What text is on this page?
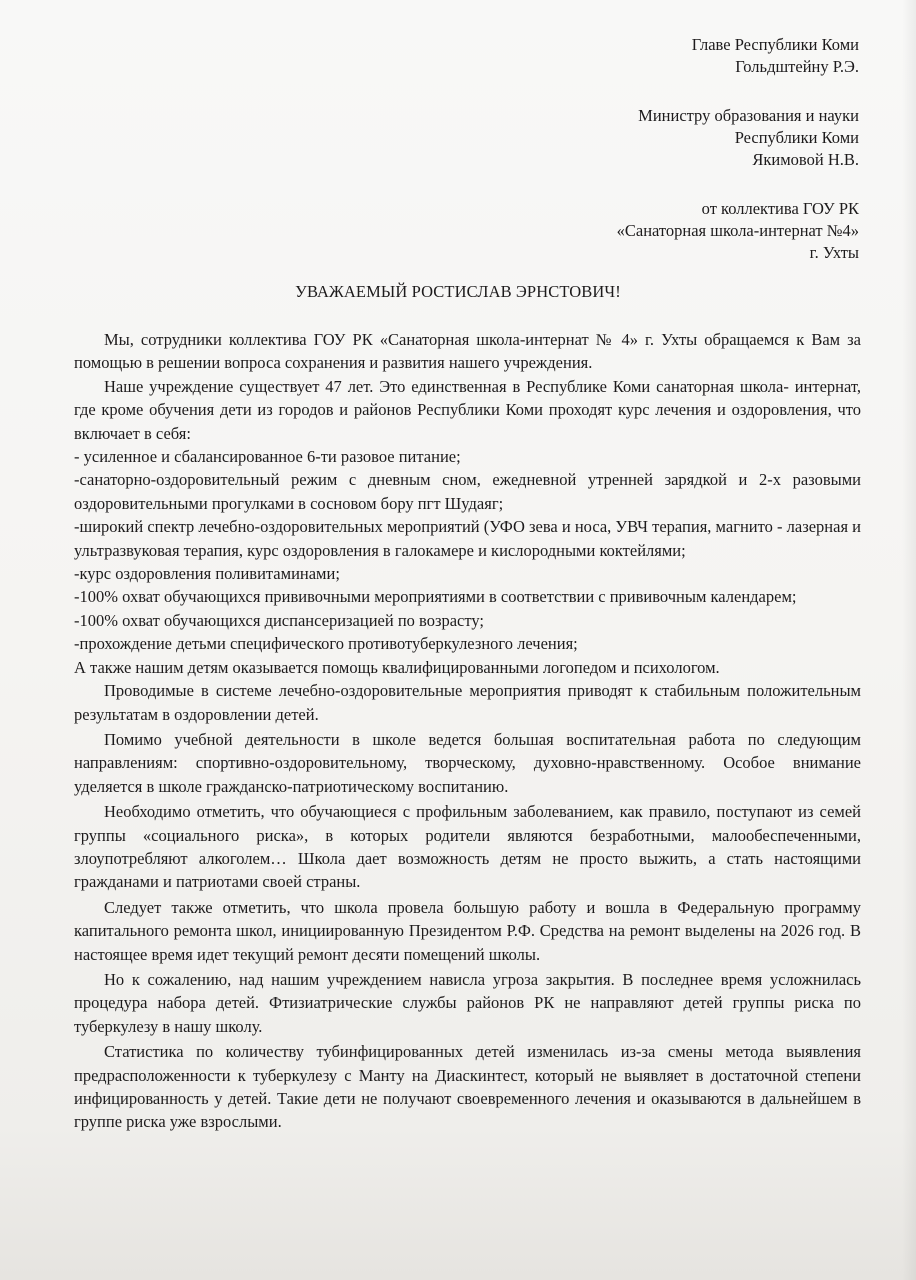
Главе Республики Коми
Гольдштейну Р.Э.
Министру образования и науки
Республики Коми
Якимовой Н.В.
от коллектива ГОУ РК
«Санаторная школа-интернат №4»
г. Ухты
УВАЖАЕМЫЙ РОСТИСЛАВ ЭРНСТОВИЧ!

Мы, сотрудники коллектива ГОУ РК «Санаторная школа-интернат № 4» г. Ухты обращаемся к Вам за помощью в решении вопроса сохранения и развития нашего учреждения.

Наше учреждение существует 47 лет. Это единственная в Республике Коми санаторная школа- интернат, где кроме обучения дети из городов и районов Республики Коми проходят курс лечения и оздоровления, что включает в себя:

- усиленное и сбалансированное 6-ти разовое питание;

-санаторно-оздоровительный режим с дневным сном, ежедневной утренней зарядкой и 2-х разовыми оздоровительными прогулками в сосновом бору пгт Шудаяг;

-широкий спектр лечебно-оздоровительных мероприятий (УФО зева и носа, УВЧ терапия, магнито - лазерная и ультразвуковая терапия, курс оздоровления в галокамере и кислородными коктейлями;

-курс оздоровления поливитаминами;

-100% охват обучающихся прививочными мероприятиями в соответствии с прививочным календарем;

-100% охват обучающихся диспансеризацией по возрасту;

-прохождение детьми специфического противотуберкулезного лечения;

А также нашим детям оказывается помощь квалифицированными логопедом и психологом.

Проводимые в системе лечебно-оздоровительные мероприятия приводят к стабильным положительным результатам в оздоровлении детей.

Помимо учебной деятельности в школе ведется большая воспитательная работа по следующим направлениям: спортивно-оздоровительному, творческому, духовно-нравственному. Особое внимание уделяется в школе гражданско-патриотическому воспитанию.

Необходимо отметить, что обучающиеся с профильным заболеванием, как правило, поступают из семей группы «социального риска», в которых родители являются безработными, малообеспеченными, злоупотребляют алкоголем… Школа дает возможность детям не просто выжить, а стать настоящими гражданами и патриотами своей страны.

Следует также отметить, что школа провела большую работу и вошла в Федеральную программу капитального ремонта школ, инициированную Президентом Р.Ф. Средства на ремонт выделены на 2026 год. В настоящее время идет текущий ремонт десяти помещений школы.

Но к сожалению, над нашим учреждением нависла угроза закрытия. В последнее время усложнилась процедура набора детей. Фтизиатрические службы районов РК не направляют детей группы риска по туберкулезу в нашу школу.

Статистика по количеству тубинфицированных детей изменилась из-за смены метода выявления предрасположенности к туберкулезу с Манту на Диаскинтест, который не выявляет в достаточной степени инфицированность у детей. Такие дети не получают своевременного лечения и оказываются в дальнейшем в группе риска уже взрослыми.
